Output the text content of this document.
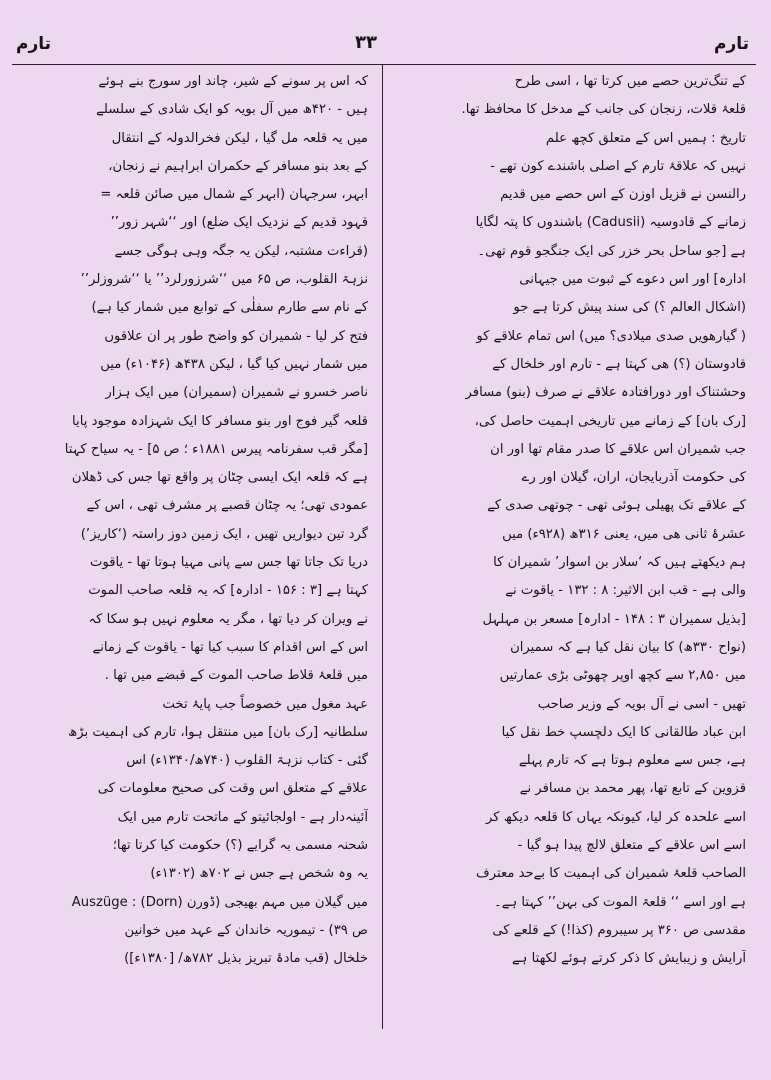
تارم	۳۳	تارم
کے تنگ‌ترین حصے میں کرتا تھا ، اسی طرح
قلعۂ قلات، زنجان کی جانب کے مدخل کا محافظ تھا.
تاریخ : ہمیں اس کے متعلق کچھ علم
نہیں کہ علاقۂ تارم کے اصلی باشندے کون تھے -
رالنسن نے قزیل اوزن کے اس حصے میں قدیم
زمانے کے قادوسیہ (Cadusii) باشندوں کا پتہ لگایا
ہے [جو ساحل بحر خزر کی ایک جنگجو قوم تھی۔
ادارہ] اور اس دعوے کے ثبوت میں جیہانی
(اشکال العالم ؟) کی سند پیش کرتا ہے جو
( گیارھویں صدی میلادی؟ میں) اس تمام علاقے کو
قادوستان (؟) ھی کہتا ہے - تارم اور خلخال کے
وحشتناک اور دورافتادہ علاقے نے صرف (بنو) مسافر
[رک بان] کے زمانے میں تاریخی اہمیت حاصل کی،
جب شمیران اس علاقے کا صدر مقام تھا اور ان
کی حکومت آذربایجان، اران، گیلان اور رے
کے علاقے تک پھیلی ہوئی تھی - چوتھی صدی کے
عشرۂ ثانی ھی میں، یعنی ۳۱۶ھ (۹۲۸ء) میں
ہم دیکھتے ہیں کہ ‘سلار بن اسوار’ شمیران کا
والی ہے - قب ابن الاثیر: ۸ : ۱۳۲ - یاقوت نے
[بذیل سمیران ۳ : ۱۴۸ - ادارہ] مسعر بن مہلہل
(نواح ۳۳۰ھ) کا بیان نقل کیا ہے کہ سمیران
میں ۲,۸۵۰ سے کچھ اوپر چھوٹی بڑی عمارتیں
تھیں - اسی نے آل بویہ کے وزیر صاحب
ابن عباد طالقانی کا ایک دلچسپ خط نقل کیا
ہے، جس سے معلوم ہوتا ہے کہ تارم پہلے
قزوین کے تابع تھا، پھر محمد بن مسافر نے
اسے علحدہ کر لیا، کیونکہ یہاں کا قلعہ دیکھ کر
اسے اس علاقے کے متعلق لالچ پیدا ہو گیا -
الصاحب قلعۂ شمیران کی اہمیت کا بےحد معترف
ہے اور اسے ‘‘ قلعۃ الموت کی بہن’’ کہتا ہے۔
مقدسی ص ۳۶۰ پر سیبروم (کذا!) کے قلعے کی
آرایش و زیبایش کا ذکر کرتے ہوئے لکھتا ہے
کہ اس پر سونے کے شیر، چاند اور سورج بنے ہوئے
ہیں - ۴۲۰ھ میں آل بویہ کو ایک شادی کے سلسلے
میں یہ قلعہ مل گیا ، لیکن فخرالدولہ کے انتقال
کے بعد بنو مسافر کے حکمران ابراہیم نے زنجان،
ابہر، سرجہان (ابہر کے شمال میں صائن قلعہ =
قہود قدیم کے نزدیک ایک ضلع) اور ‘‘شہر زور’’
(قراءت مشتبہ، لیکن یہ جگہ وہی ہوگی جسے
نزہۃ القلوب، ص ۶۵ میں ‘‘شرزورلرد’’ یا ‘‘شروزلر’’
کے نام سے طارم سفلٰی کے توابع میں شمار کیا ہے)
فتح کر لیا - شمیران کو واضح طور پر ان علاقوں
میں شمار نہیں کیا گیا ، لیکن ۴۳۸ھ (۱۰۴۶ء) میں
ناصر خسرو نے شمیران (سمیران) میں ایک ہزار
قلعہ گیر فوج اور بنو مسافر کا ایک شہزادہ موجود پایا
[مگر قب سفرنامہ پیرس ۱۸۸۱ء ؛ ص ۵] - یہ سیاح کہتا
ہے کہ قلعہ ایک ایسی چٹان پر واقع تھا جس کی ڈھلان
عمودی تھی؛ یہ چٹان قصبے پر مشرف تھی ، اس کے
گرد تین دیواریں تھیں ، ایک زمین دوز راستہ (‘کاریز’)
دریا تک جاتا تھا جس سے پانی مہیا ہوتا تھا - یاقوت
کہتا ہے [۳ : ۱۵۶ - ادارہ] کہ یہ قلعہ صاحب الموت
نے ویران کر دیا تھا ، مگر یہ معلوم نہیں ہو سکا کہ
اس کے اس اقدام کا سبب کیا تھا - یاقوت کے زمانے
میں قلعۂ قلاط صاحب الموت کے قبضے میں تھا .
عہد مغول میں خصوصاً جب پایۂ تخت
سلطانیہ [رک بان] میں منتقل ہوا، تارم کی اہمیت بڑھ
گئی - کتاب نزہۃ القلوب (۷۴۰ھ/۱۳۴۰ء) اس
علاقے کے متعلق اس وقت کی صحیح معلومات کی
آئینہ‌دار ہے - اولجائیتو کے ماتحت تارم میں ایک
شحنہ مسمی بہ گرایے (؟) حکومت کیا کرتا تھا؛
یہ وہ شخص ہے جس نے ۷۰۲ھ (۱۳۰۲ء)
میں گیلان میں مہم بھیجی (ڈورن Auszüge : (Dorn)
ص ۳۹) - تیموریہ خاندان کے عہد میں خوانین
خلخال (قب مادۂ تبریز بذیل ۷۸۲ھ/ [۱۳۸۰ء])
